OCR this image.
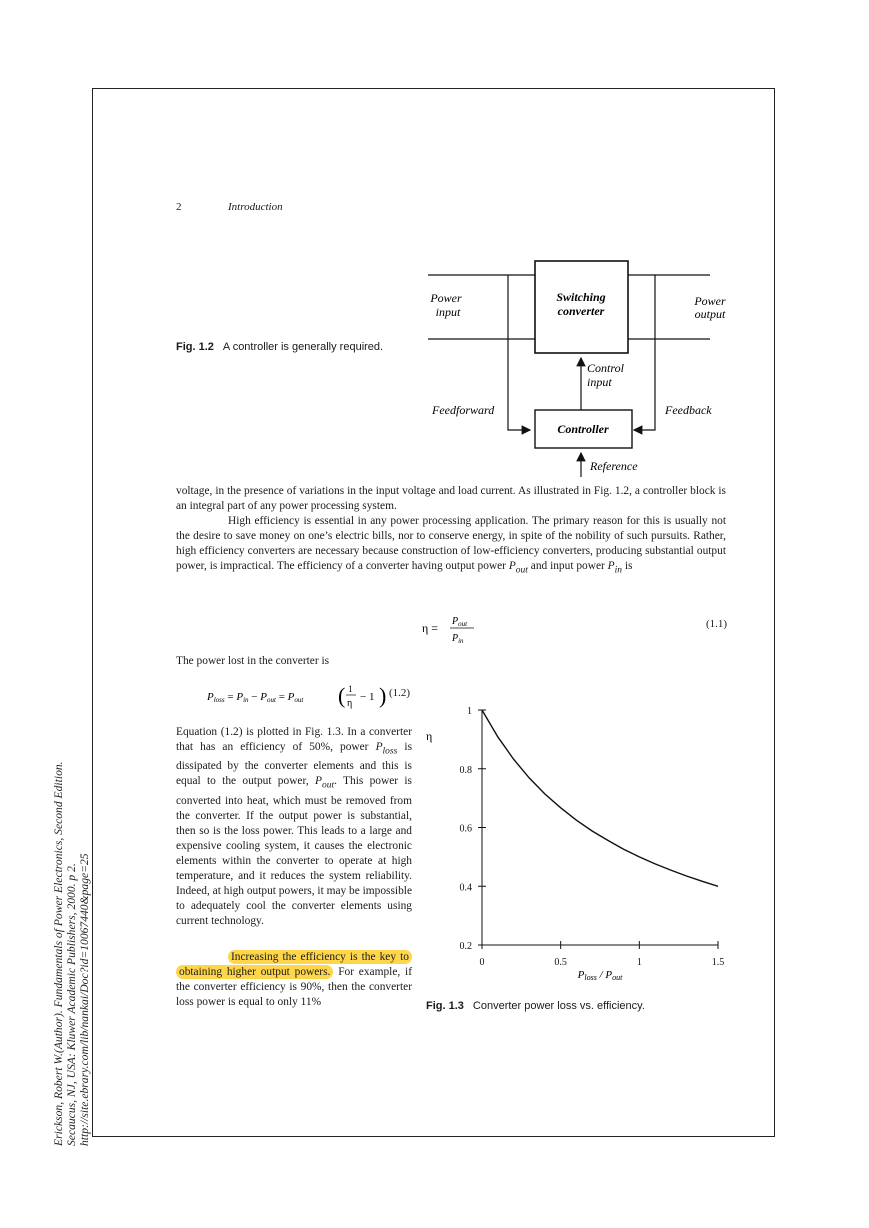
Erickson, Robert W.(Author). Fundamentals of Power Electronics, Second Edition. Secaucus, NJ, USA: Kluwer Academic Publishers, 2000. p 2. http://site.ebrary.com/lib/nankai/Doc?id=10067440&page=25
2	Introduction
Fig. 1.2 A controller is generally required.
Switching
converter
Controller
Power
input
Power
output
Control
input
Feedforward	Feedback
Reference
voltage, in the presence of variations in the input voltage and load current. As illustrated in Fig. 1.2, a controller block is an integral part of any power processing system.
High efficiency is essential in any power processing application. The primary reason for this is usually not the desire to save money on one’s electric bills, nor to conserve energy, in spite of the nobility of such pursuits. Rather, high efficiency converters are necessary because construction of low-efficiency converters, producing substantial output power, is impractical. The efficiency of a converter having output power $P_{out}$ and input power $P_{in}$ is
$\eta = P_{out}$
$P_{in}$
(1.1)
The power lost in the converter is
Ploss = Pin − Pout = Pout ( 1
η
− 1 ) (1.2)
Equation (1.2) is plotted in Fig. 1.3. In a converter that has an efficiency of 50%, power $P_{loss}$ is dissipated by the converter elements and this is equal to the output power, $P_{out}$. This power is converted into heat, which must be removed from the converter. If the output power is substantial, then so is the loss power. This leads to a large and expensive cooling system, it causes the electronic elements within the converter to operate at high temperature, and it reduces the system reliability. Indeed, at high output powers, it may be impossible to adequately cool the converter elements using current technology.
Increasing the efficiency is the key to obtaining higher output powers. For example, if the converter efficiency is 90%, then the converter loss power is equal to only 11%
0.2
0.4
0.6
0.8
1
0	0.5	1	1.5
η
Ploss / Pout
Fig. 1.3 Converter power loss vs. efficiency.
